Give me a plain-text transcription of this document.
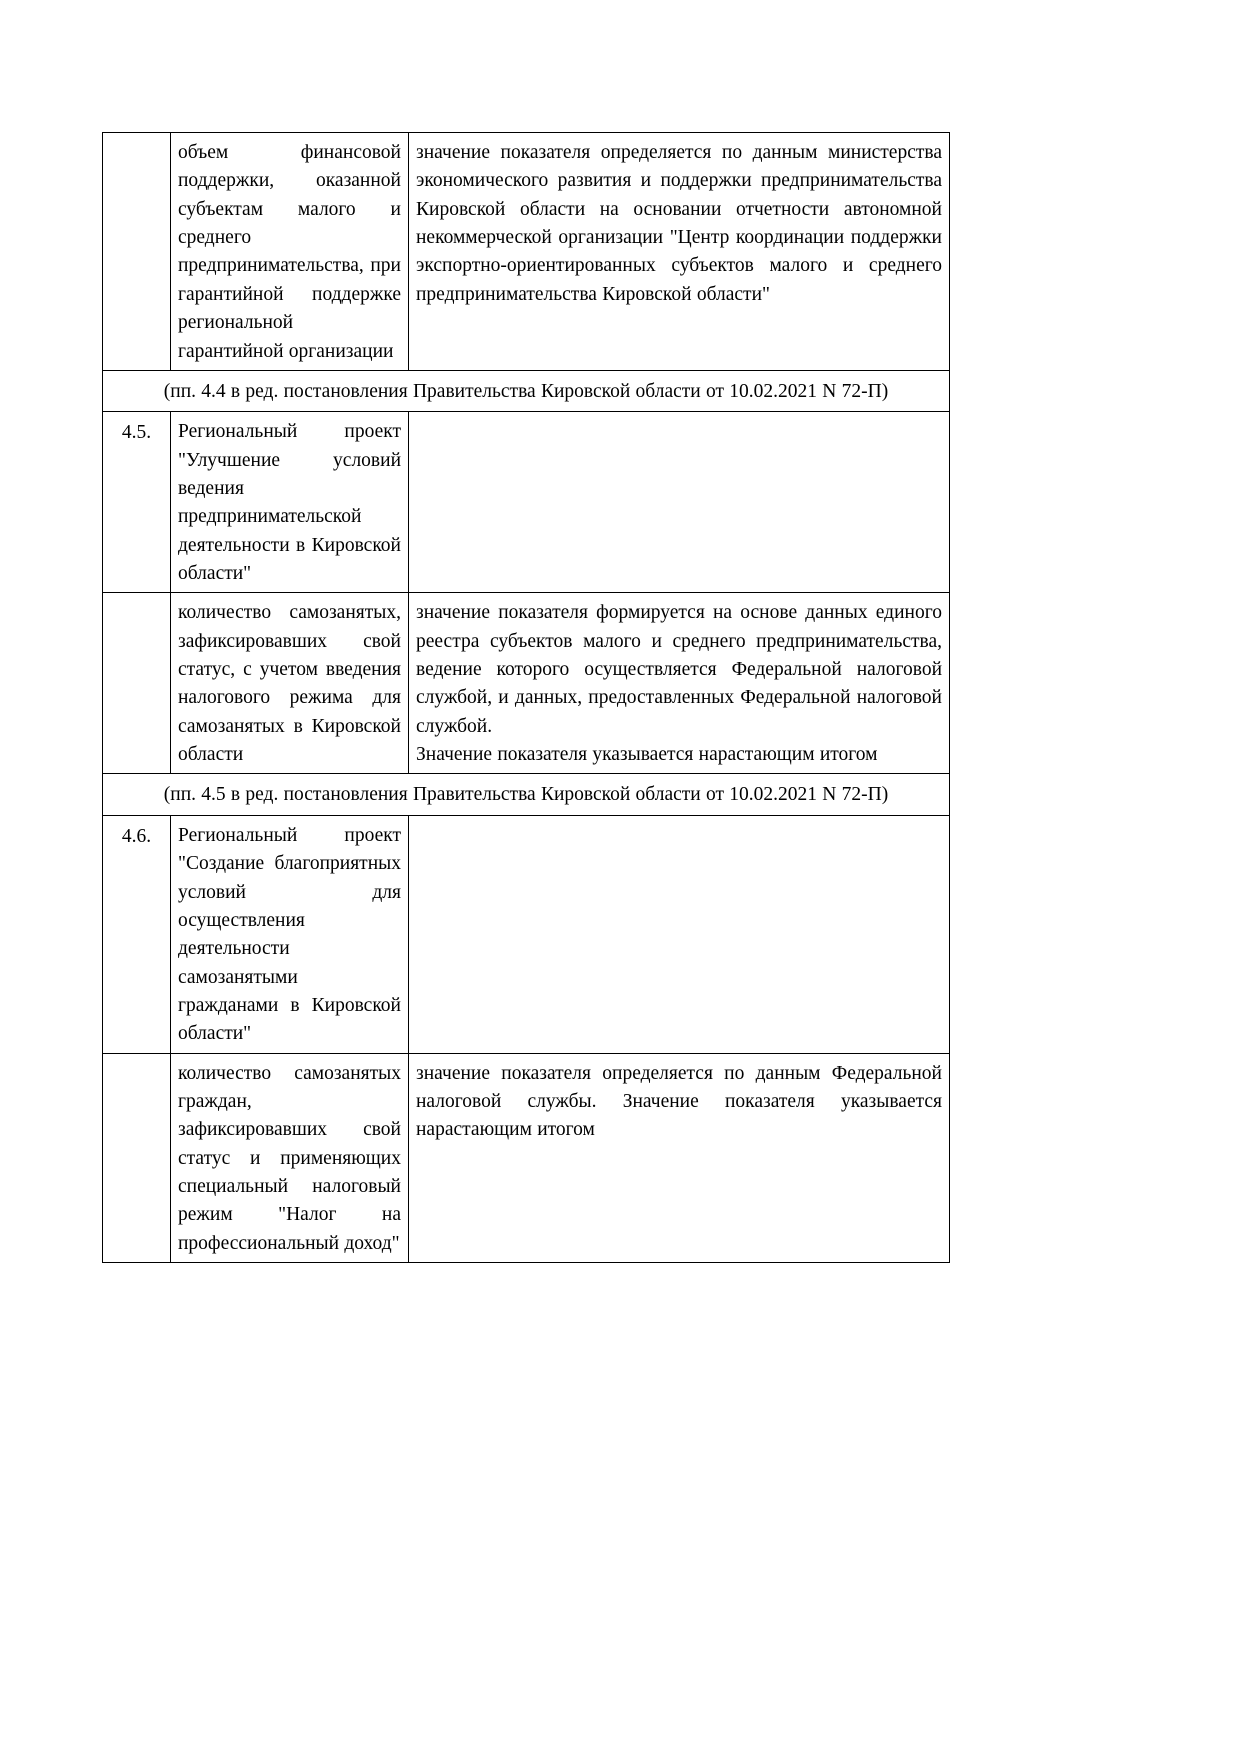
	объем финансовой поддержки, оказанной субъектам малого и среднего предпринимательства, при гарантийной поддержке региональной гарантийной организации	значение показателя определяется по данным министерства экономического развития и поддержки предпринимательства Кировской области на основании отчетности автономной некоммерческой организации "Центр координации поддержки экспортно-ориентированных субъектов малого и среднего предпринимательства Кировской области"
(пп. 4.4 в ред. постановления Правительства Кировской области от 10.02.2021 N 72-П)		
4.5.	Региональный проект "Улучшение условий ведения предпринимательской деятельности в Кировской области"	
	количество самозанятых, зафиксировавших свой статус, с учетом введения налогового режима для самозанятых в Кировской области	значение показателя формируется на основе данных единого реестра субъектов малого и среднего предпринимательства, ведение которого осуществляется Федеральной налоговой службой, и данных, предоставленных Федеральной налоговой службой.
Значение показателя указывается нарастающим итогом

(пп. 4.5 в ред. постановления Правительства Кировской области от 10.02.2021 N 72-П)		
4.6.	Региональный проект "Создание благоприятных условий для осуществления деятельности самозанятыми гражданами в Кировской области"	
	количество самозанятых граждан, зафиксировавших свой статус и применяющих специальный налоговый режим "Налог на профессиональный доход"	значение показателя определяется по данным Федеральной налоговой службы. Значение показателя указывается нарастающим итогом
